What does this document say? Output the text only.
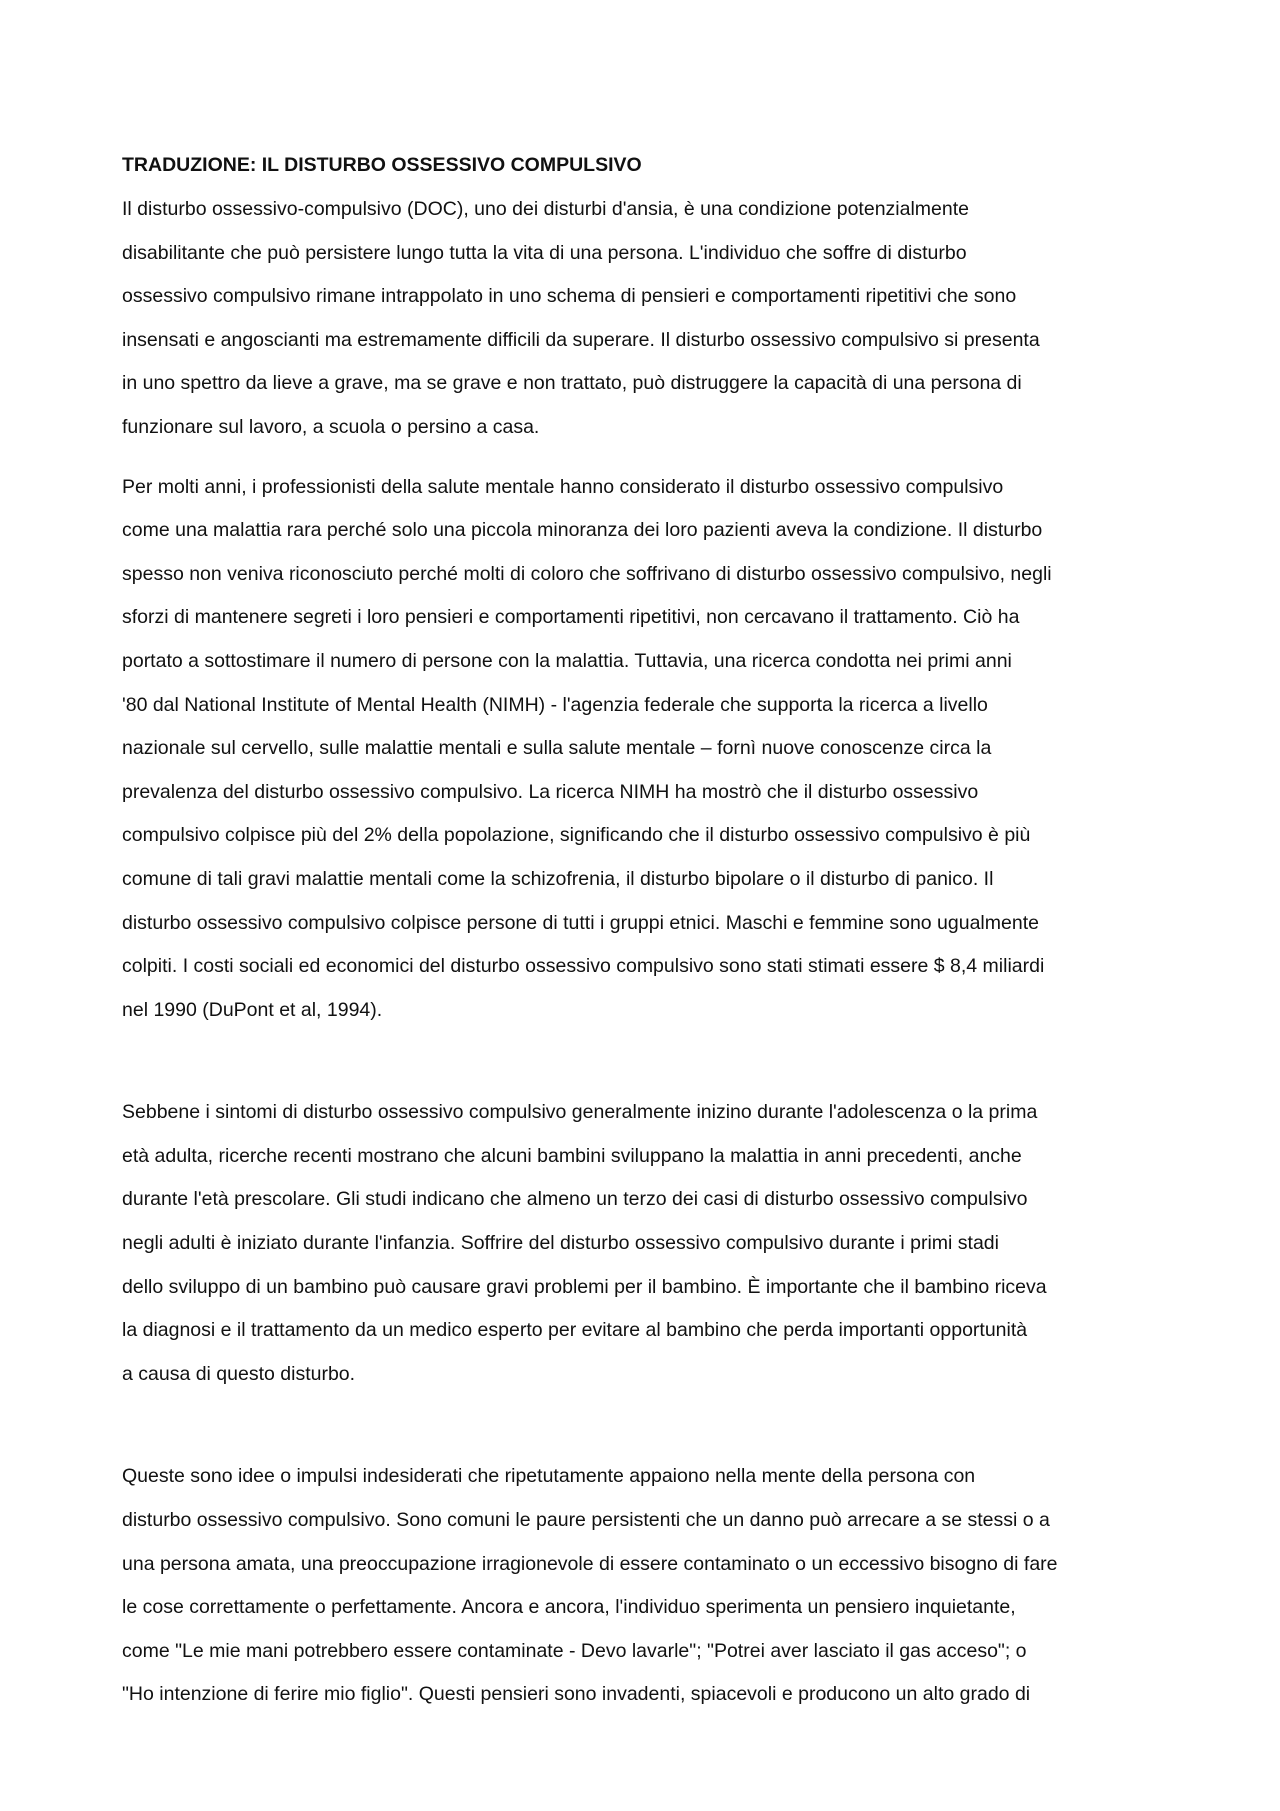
TRADUZIONE: IL DISTURBO OSSESSIVO COMPULSIVO

Il disturbo ossessivo-compulsivo (DOC), uno dei disturbi d'ansia, è una condizione potenzialmente
disabilitante che può persistere lungo tutta la vita di una persona. L'individuo che soffre di disturbo
ossessivo compulsivo rimane intrappolato in uno schema di pensieri e comportamenti ripetitivi che sono
insensati e angoscianti ma estremamente difficili da superare. Il disturbo ossessivo compulsivo si presenta
in uno spettro da lieve a grave, ma se grave e non trattato, può distruggere la capacità di una persona di
funzionare sul lavoro, a scuola o persino a casa.

Per molti anni, i professionisti della salute mentale hanno considerato il disturbo ossessivo compulsivo
come una malattia rara perché solo una piccola minoranza dei loro pazienti aveva la condizione. Il disturbo
spesso non veniva riconosciuto perché molti di coloro che soffrivano di disturbo ossessivo compulsivo, negli
sforzi di mantenere segreti i loro pensieri e comportamenti ripetitivi, non cercavano il trattamento. Ciò ha
portato a sottostimare il numero di persone con la malattia. Tuttavia, una ricerca condotta nei primi anni
'80 dal National Institute of Mental Health (NIMH) - l'agenzia federale che supporta la ricerca a livello
nazionale sul cervello, sulle malattie mentali e sulla salute mentale – fornì nuove conoscenze circa la
prevalenza del disturbo ossessivo compulsivo. La ricerca NIMH ha mostrò che il disturbo ossessivo
compulsivo colpisce più del 2% della popolazione, significando che il disturbo ossessivo compulsivo è più
comune di tali gravi malattie mentali come la schizofrenia, il disturbo bipolare o il disturbo di panico. Il
disturbo ossessivo compulsivo colpisce persone di tutti i gruppi etnici. Maschi e femmine sono ugualmente
colpiti. I costi sociali ed economici del disturbo ossessivo compulsivo sono stati stimati essere $ 8,4 miliardi
nel 1990 (DuPont et al, 1994).

Sebbene i sintomi di disturbo ossessivo compulsivo generalmente inizino durante l'adolescenza o la prima
età adulta, ricerche recenti mostrano che alcuni bambini sviluppano la malattia in anni precedenti, anche
durante l'età prescolare. Gli studi indicano che almeno un terzo dei casi di disturbo ossessivo compulsivo
negli adulti è iniziato durante l'infanzia. Soffrire del disturbo ossessivo compulsivo durante i primi stadi
dello sviluppo di un bambino può causare gravi problemi per il bambino. È importante che il bambino riceva
la diagnosi e il trattamento da un medico esperto per evitare al bambino che perda importanti opportunità
a causa di questo disturbo.

Queste sono idee o impulsi indesiderati che ripetutamente appaiono nella mente della persona con
disturbo ossessivo compulsivo. Sono comuni le paure persistenti che un danno può arrecare a se stessi o a
una persona amata, una preoccupazione irragionevole di essere contaminato o un eccessivo bisogno di fare
le cose correttamente o perfettamente. Ancora e ancora, l'individuo sperimenta un pensiero inquietante,
come "Le mie mani potrebbero essere contaminate - Devo lavarle"; "Potrei aver lasciato il gas acceso"; o
"Ho intenzione di ferire mio figlio". Questi pensieri sono invadenti, spiacevoli e producono un alto grado di
